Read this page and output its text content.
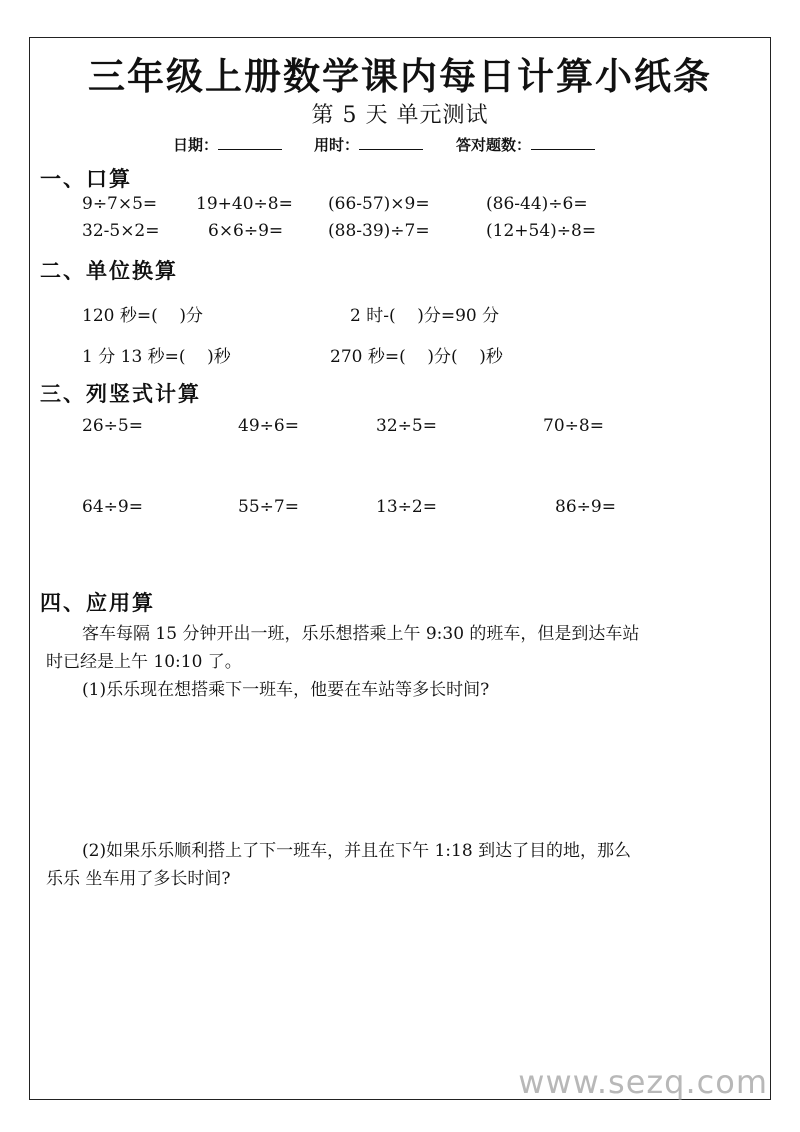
三年级上册数学课内每日计算小纸条
第 5 天 单元测试
日期：	用时：	答对题数：
一、口算
9÷7×5= 19+40÷8= (66-57)×9=	(86-44)÷6=
32-5×2=	6×6÷9=	(88-39)÷7=	(12+54)÷8=
二、单位换算
120 秒=(    )分	2 时-(    )分=90 分
1 分 13 秒=(    )秒	270 秒=(    )分(    )秒
三、列竖式计算
26÷5=	49÷6=	32÷5=	70÷8=
64÷9=	55÷7=	13÷2=	86÷9=
四、应用算
客车每隔 15 分钟开出一班，乐乐想搭乘上午 9:30 的班车，但是到达车站
时已经是上午 10:10 了。
(1)乐乐现在想搭乘下一班车，他要在车站等多长时间?
(2)如果乐乐顺利搭上了下一班车，并且在下午 1:18 到达了目的地，那么
乐乐 坐车用了多长时间?
www.sezq.com
